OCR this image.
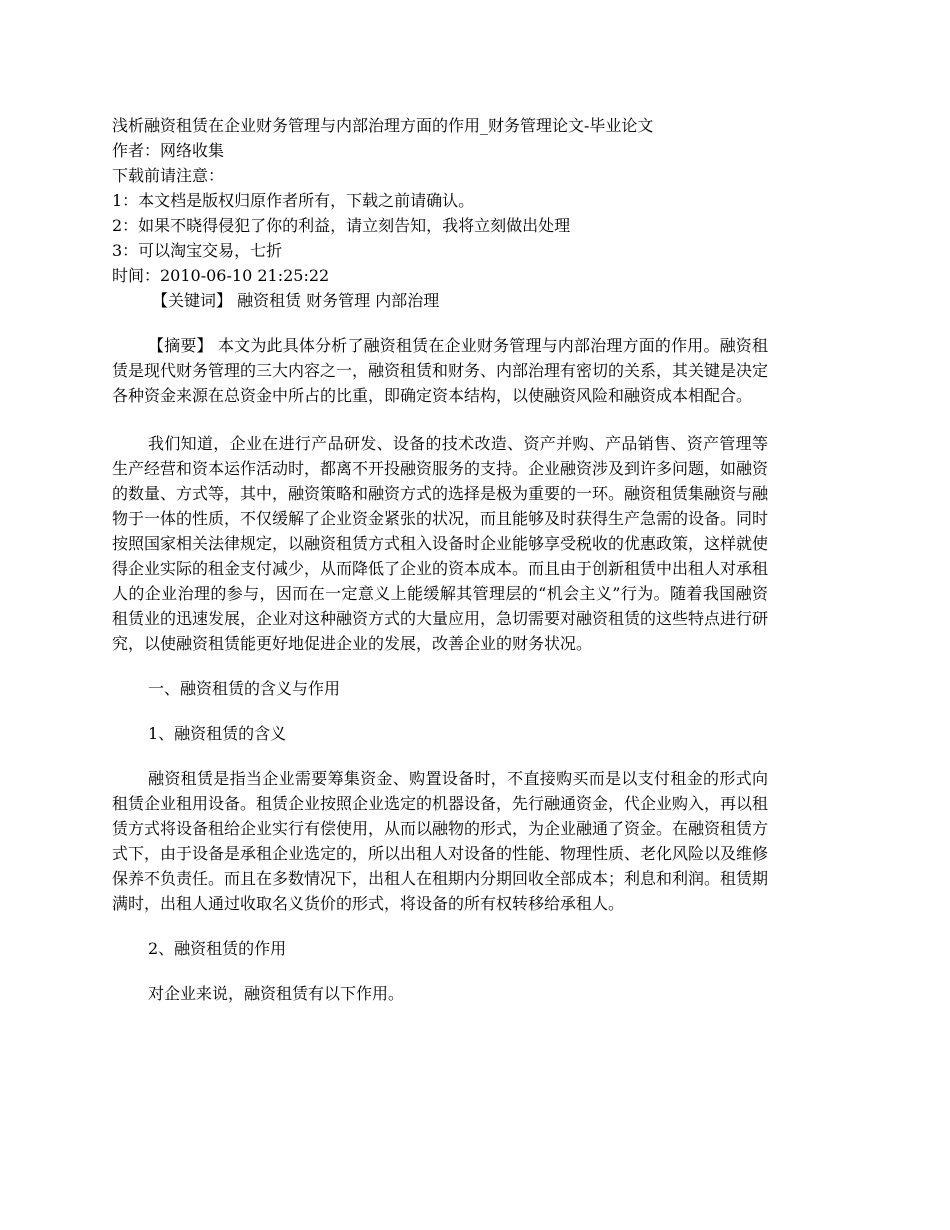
浅析融资租赁在企业财务管理与内部治理方面的作用_财务管理论文-毕业论文

作者：网络收集

下载前请注意：

1：本文档是版权归原作者所有，下载之前请确认。

2：如果不晓得侵犯了你的利益，请立刻告知，我将立刻做出处理

3：可以淘宝交易，七折

时间：2010-06-10 21:25:22

【关键词】 融资租赁 财务管理 内部治理

【摘要】 本文为此具体分析了融资租赁在企业财务管理与内部治理方面的作用。融资租赁是现代财务管理的三大内容之一，融资租赁和财务、内部治理有密切的关系，其关键是决定各种资金来源在总资金中所占的比重，即确定资本结构，以使融资风险和融资成本相配合。

我们知道，企业在进行产品研发、设备的技术改造、资产并购、产品销售、资产管理等生产经营和资本运作活动时，都离不开投融资服务的支持。企业融资涉及到许多问题，如融资的数量、方式等，其中，融资策略和融资方式的选择是极为重要的一环。融资租赁集融资与融物于一体的性质，不仅缓解了企业资金紧张的状况，而且能够及时获得生产急需的设备。同时按照国家相关法律规定，以融资租赁方式租入设备时企业能够享受税收的优惠政策，这样就使得企业实际的租金支付减少，从而降低了企业的资本成本。而且由于创新租赁中出租人对承租人的企业治理的参与，因而在一定意义上能缓解其管理层的“机会主义”行为。随着我国融资租赁业的迅速发展，企业对这种融资方式的大量应用，急切需要对融资租赁的这些特点进行研究，以使融资租赁能更好地促进企业的发展，改善企业的财务状况。

一、融资租赁的含义与作用

1、融资租赁的含义

融资租赁是指当企业需要筹集资金、购置设备时，不直接购买而是以支付租金的形式向租赁企业租用设备。租赁企业按照企业选定的机器设备，先行融通资金，代企业购入，再以租赁方式将设备租给企业实行有偿使用，从而以融物的形式，为企业融通了资金。在融资租赁方式下，由于设备是承租企业选定的，所以出租人对设备的性能、物理性质、老化风险以及维修保养不负责任。而且在多数情况下，出租人在租期内分期回收全部成本；利息和利润。租赁期满时，出租人通过收取名义货价的形式，将设备的所有权转移给承租人。

2、融资租赁的作用

对企业来说，融资租赁有以下作用。
